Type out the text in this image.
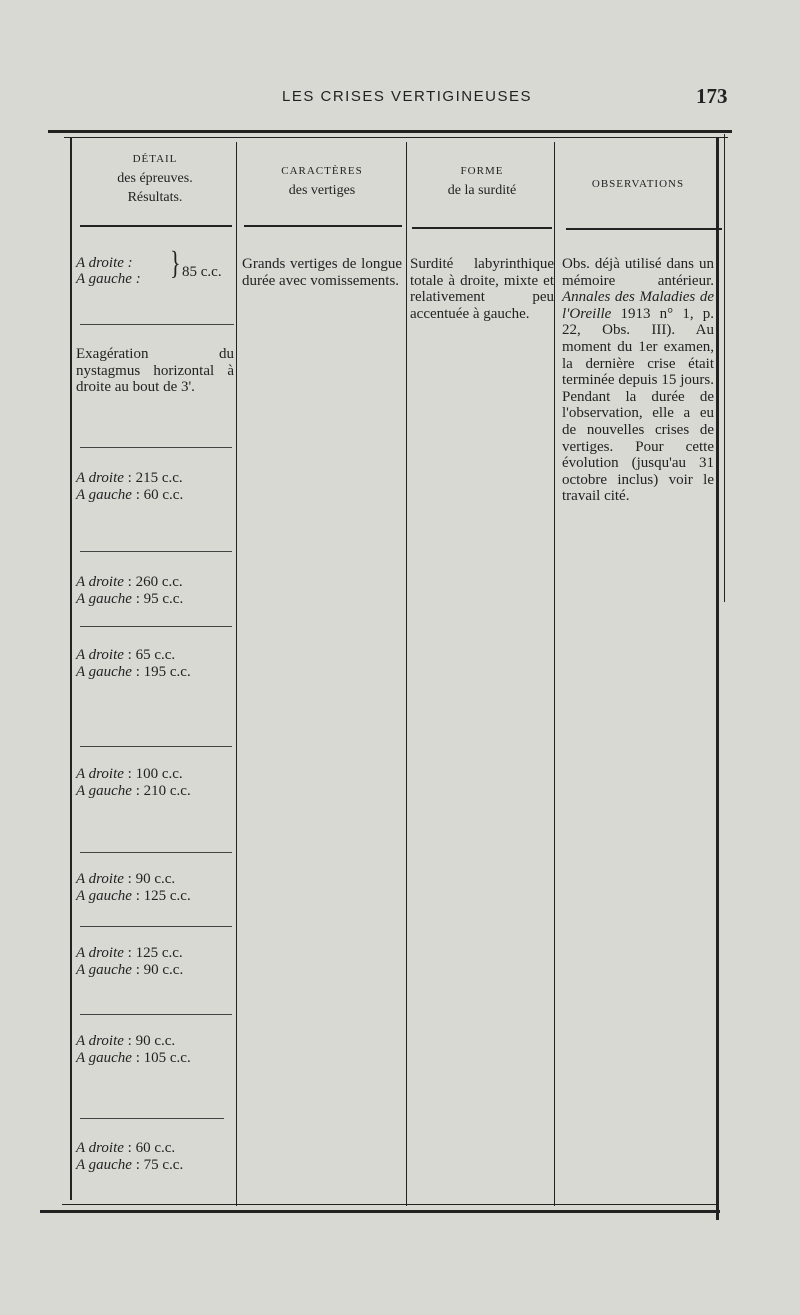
LES CRISES VERTIGINEUSES	173
DÉTAIL
des épreuves.
Résultats.
CARACTÈRES
des vertiges
FORME
de la surdité	OBSERVATIONS
A droite :
A gauche : } 85 c.c.
Exagération du nystagmus horizontal à droite au bout de 3'.
A droite : 215 c.c.
A gauche : 60 c.c.
A droite : 260 c.c.
A gauche : 95 c.c.
A droite : 65 c.c.
A gauche : 195 c.c.
A droite : 100 c.c.
A gauche : 210 c.c.
A droite : 90 c.c.
A gauche : 125 c.c.
A droite : 125 c.c.
A gauche : 90 c.c.
A droite : 90 c.c.
A gauche : 105 c.c.
A droite : 60 c.c.
A gauche : 75 c.c.
Grands vertiges de longue durée avec vomissements.
Surdité labyrinthique totale à droite, mixte et relativement peu accentuée à gauche.
Obs. déjà utilisé dans un mémoire antérieur. Annales des Maladies de l'Oreille 1913 n° 1, p. 22, Obs. III). Au moment du 1er examen, la dernière crise était terminée depuis 15 jours. Pendant la durée de l'observation, elle a eu de nouvelles crises de vertiges. Pour cette évolution (jusqu'au 31 octobre inclus) voir le travail cité.
